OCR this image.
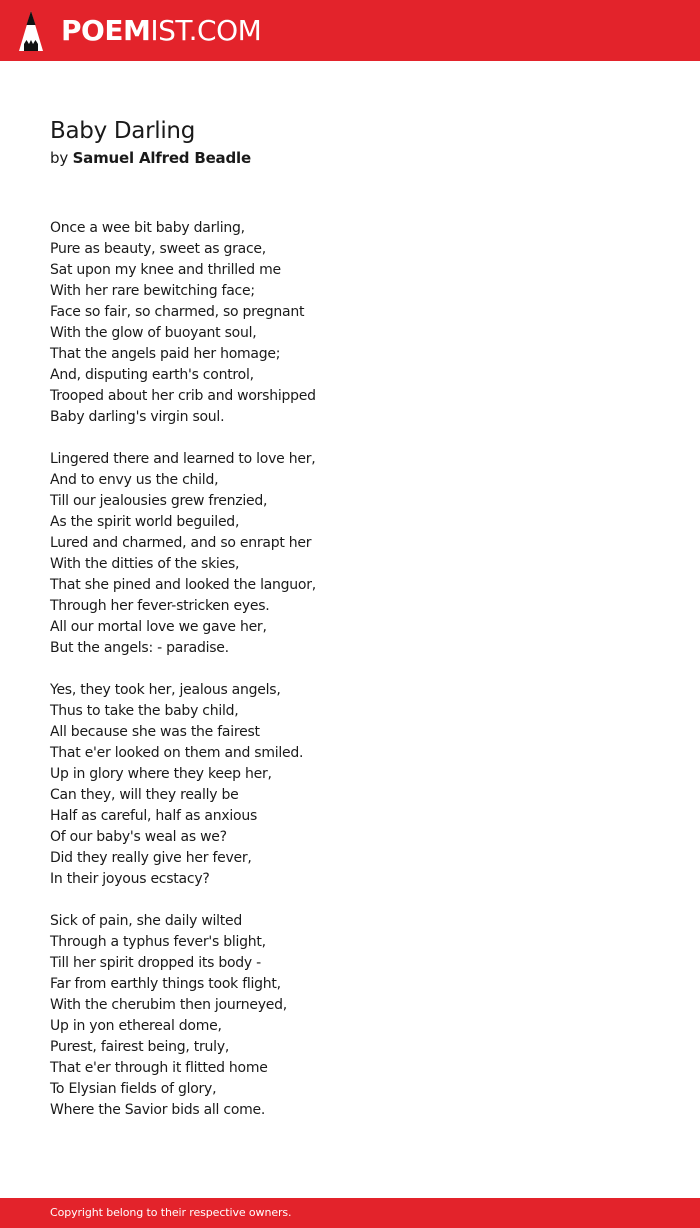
POEMIST.COM
Baby Darling
by Samuel Alfred Beadle
Once a wee bit baby darling,
Pure as beauty, sweet as grace,
Sat upon my knee and thrilled me
With her rare bewitching face;
Face so fair, so charmed, so pregnant
With the glow of buoyant soul,
That the angels paid her homage;
And, disputing earth's control,
Trooped about her crib and worshipped
Baby darling's virgin soul.
Lingered there and learned to love her,
And to envy us the child,
Till our jealousies grew frenzied,
As the spirit world beguiled,
Lured and charmed, and so enrapt her
With the ditties of the skies,
That she pined and looked the languor,
Through her fever-stricken eyes.
All our mortal love we gave her,
But the angels: - paradise.
Yes, they took her, jealous angels,
Thus to take the baby child,
All because she was the fairest
That e'er looked on them and smiled.
Up in glory where they keep her,
Can they, will they really be
Half as careful, half as anxious
Of our baby's weal as we?
Did they really give her fever,
In their joyous ecstacy?
Sick of pain, she daily wilted
Through a typhus fever's blight,
Till her spirit dropped its body -
Far from earthly things took flight,
With the cherubim then journeyed,
Up in yon ethereal dome,
Purest, fairest being, truly,
That e'er through it flitted home
To Elysian fields of glory,
Where the Savior bids all come.
Copyright belong to their respective owners.
